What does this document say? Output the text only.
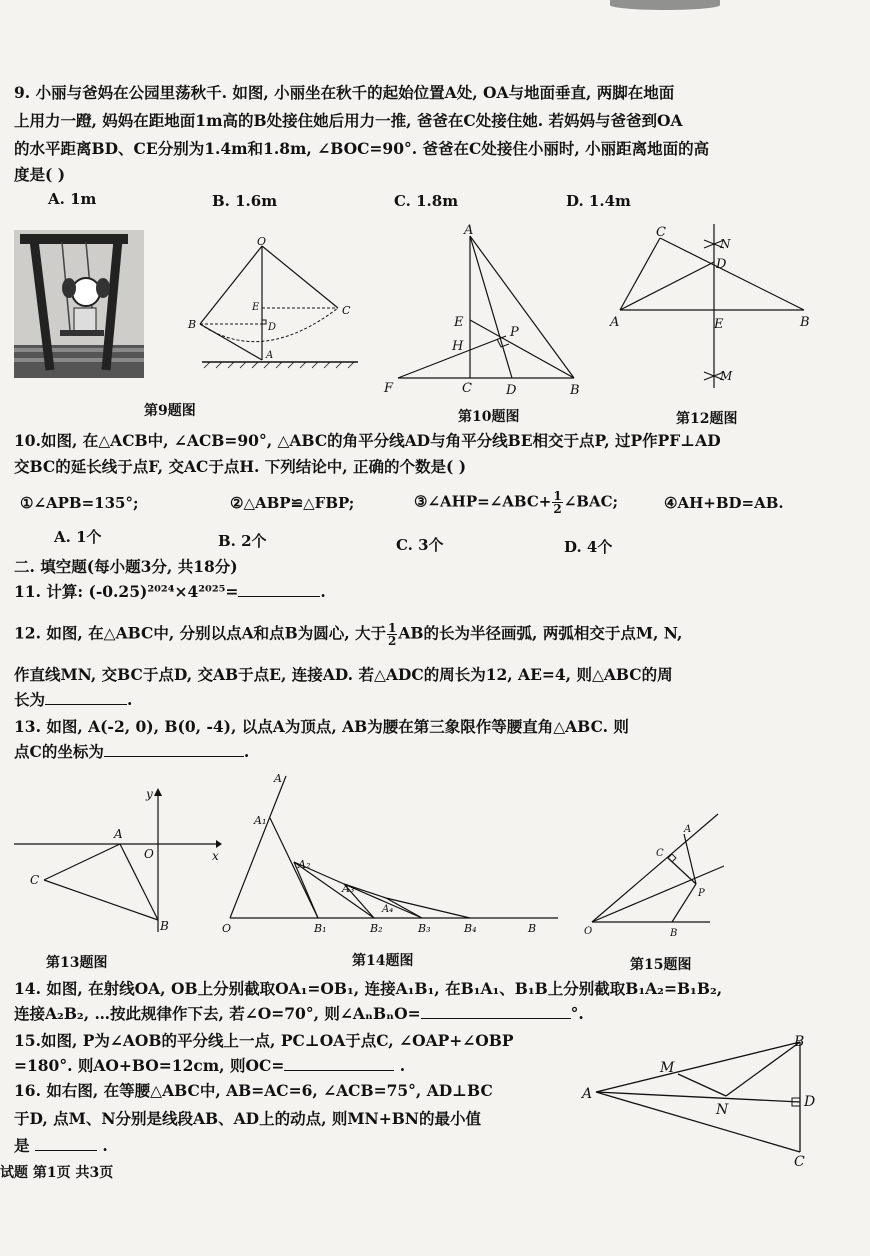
9. 小丽与爸妈在公园里荡秋千. 如图, 小丽坐在秋千的起始位置A处, OA与地面垂直, 两脚在地面
上用力一蹬, 妈妈在距地面1m高的B处接住她后用力一推, 爸爸在C处接住她. 若妈妈与爸爸到OA
的水平距离BD、CE分别为1.4m和1.8m, ∠BOC=90°. 爸爸在C处接住小丽时, 小丽距离地面的高
度是( )
A. 1m	B. 1.6m	C. 1.8m	D. 1.4m
O
B
C
E
D
A
第9题图
A
E
H
P
F	C	D	B
第10题图
C
N
D
A	E	B
M
第12题图
10.如图, 在△ACB中, ∠ACB=90°, △ABC的角平分线AD与角平分线BE相交于点P, 过P作PF⊥AD
交BC的延长线于点F, 交AC于点H. 下列结论中, 正确的个数是( )
①∠APB=135°;	②△ABP≌△FBP;	③∠AHP=∠ABC+ $\frac{1}{2}$ ∠BAC;	④AH+BD=AB.
A. 1个	B. 2个	C. 3个	D. 4个
二. 填空题(每小题3分, 共18分)
11. 计算: (-0.25)²⁰²⁴×4²⁰²⁵=	.
12. 如图, 在△ABC中, 分别以点A和点B为圆心, 大于 $\frac{1}{2}$ AB的长为半径画弧, 两弧相交于点M, N,
作直线MN, 交BC于点D, 交AB于点E, 连接AD. 若△ADC的周长为12, AE=4, 则△ABC的周
长为	.
13. 如图, A(-2, 0), B(0, -4), 以点A为顶点, AB为腰在第三象限作等腰直角△ABC. 则
点C的坐标为	.
y
x
A
O
C
B
第13题图
A
A₁
A₂
A₃
A₄
O	B₁	B₂	B₃	B₄	B
第14题图
A
C
P
O	B
第15题图
14. 如图, 在射线OA, OB上分别截取OA₁=OB₁, 连接A₁B₁, 在B₁A₁、B₁B上分别截取B₁A₂=B₁B₂,
连接A₂B₂, …按此规律作下去, 若∠O=70°, 则∠AₙBₙO=	°.
15.如图, P为∠AOB的平分线上一点, PC⊥OA于点C, ∠OAP+∠OBP
=180°. 则AO+BO=12cm, 则OC=	.
16. 如右图, 在等腰△ABC中, AB=AC=6, ∠ACB=75°, AD⊥BC
于D, 点M、N分别是线段AB、AD上的动点, 则MN+BN的最小值
是	.
A
M
N
B
D
C
试题 第1页 共3页
